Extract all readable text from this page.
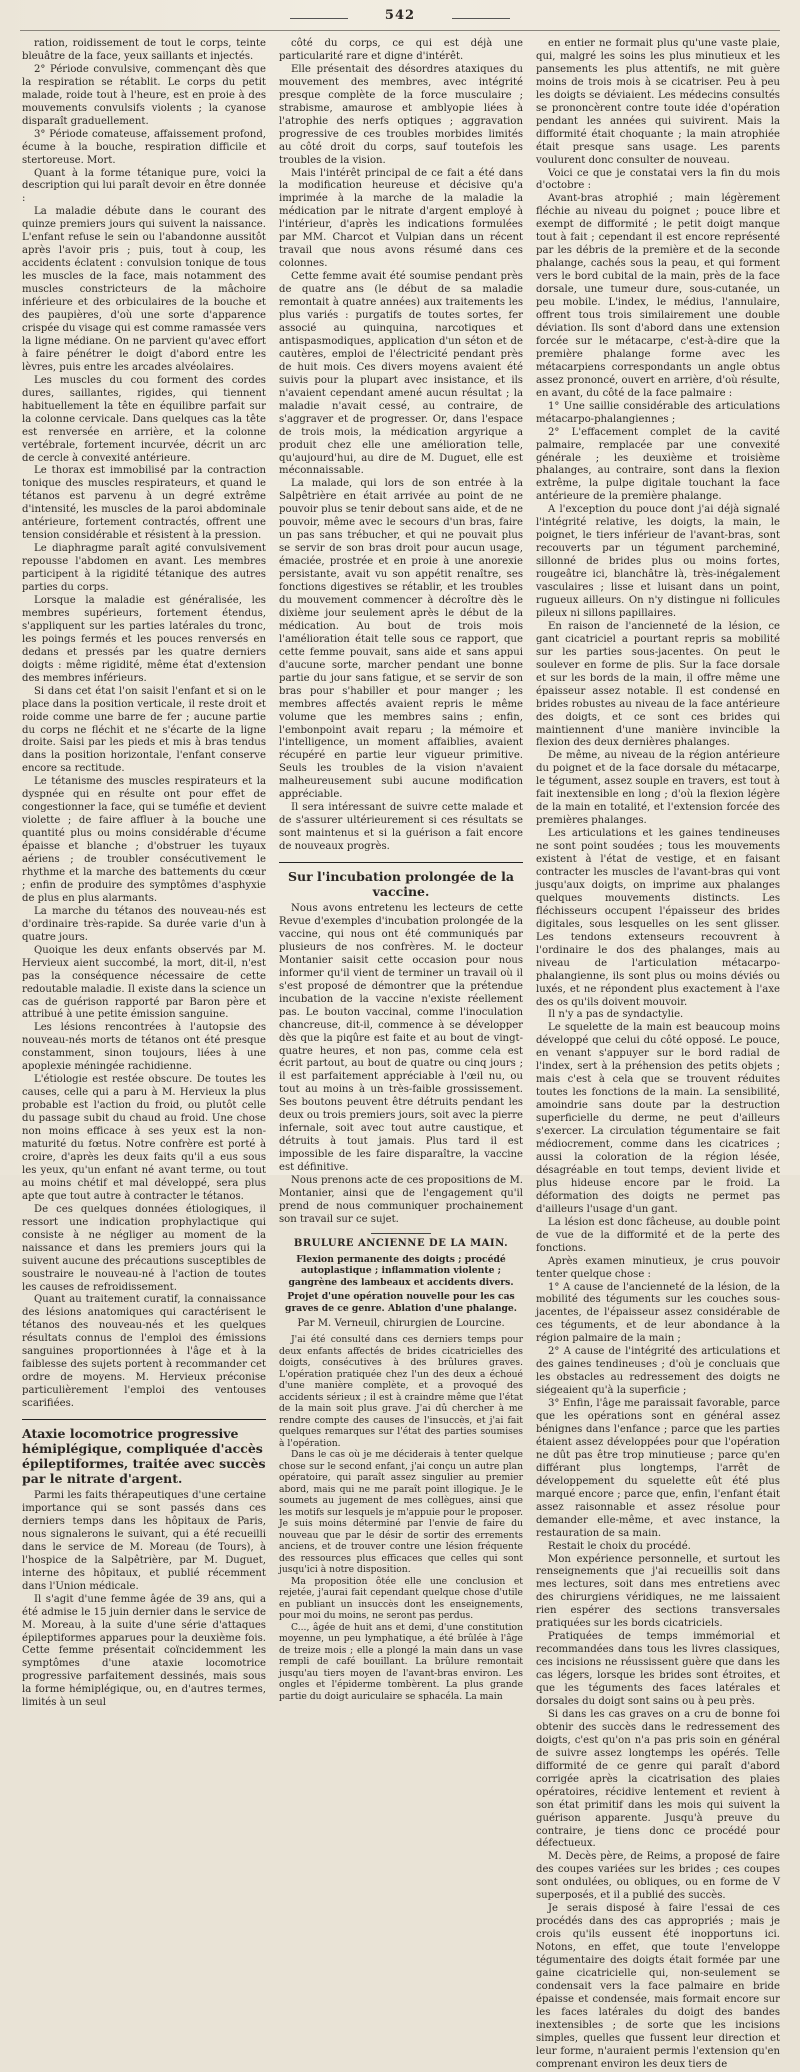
542

ration, roidissement de tout le corps, teinte bleuâtre de la face, yeux saillants et injectés.

2° Période convulsive, commençant dès que la respiration se rétablit. Le corps du petit malade, roide tout à l'heure, est en proie à des mouvements convulsifs violents ; la cyanose disparaît graduellement.

3° Période comateuse, affaissement profond, écume à la bouche, respiration difficile et stertoreuse. Mort.

Quant à la forme tétanique pure, voici la description qui lui paraît devoir en être donnée :

La maladie débute dans le courant des quinze premiers jours qui suivent la naissance. L'enfant refuse le sein ou l'abandonne aussitôt après l'avoir pris ; puis, tout à coup, les accidents éclatent : convulsion tonique de tous les muscles de la face, mais notamment des muscles constricteurs de la mâchoire inférieure et des orbiculaires de la bouche et des paupières, d'où une sorte d'apparence crispée du visage qui est comme ramassée vers la ligne médiane. On ne parvient qu'avec effort à faire pénétrer le doigt d'abord entre les lèvres, puis entre les arcades alvéolaires.

Les muscles du cou forment des cordes dures, saillantes, rigides, qui tiennent habituellement la tête en équilibre parfait sur la colonne cervicale. Dans quelques cas la tête est renversée en arrière, et la colonne vertébrale, fortement incurvée, décrit un arc de cercle à convexité antérieure.

Le thorax est immobilisé par la contraction tonique des muscles respirateurs, et quand le tétanos est parvenu à un degré extrême d'intensité, les muscles de la paroi abdominale antérieure, fortement contractés, offrent une tension considérable et résistent à la pression.

Le diaphragme paraît agité convulsivement repousse l'abdomen en avant. Les membres participent à la rigidité tétanique des autres parties du corps.

Lorsque la maladie est généralisée, les membres supérieurs, fortement étendus, s'appliquent sur les parties latérales du tronc, les poings fermés et les pouces renversés en dedans et pressés par les quatre derniers doigts : même rigidité, même état d'extension des membres inférieurs.

Si dans cet état l'on saisit l'enfant et si on le place dans la position verticale, il reste droit et roide comme une barre de fer ; aucune partie du corps ne fléchit et ne s'écarte de la ligne droite. Saisi par les pieds et mis à bras tendus dans la position horizontale, l'enfant conserve encore sa rectitude.

Le tétanisme des muscles respirateurs et la dyspnée qui en résulte ont pour effet de congestionner la face, qui se tuméfie et devient violette ; de faire affluer à la bouche une quantité plus ou moins considérable d'écume épaisse et blanche ; d'obstruer les tuyaux aériens ; de troubler consécutivement le rhythme et la marche des battements du cœur ; enfin de produire des symptômes d'asphyxie de plus en plus alarmants.

La marche du tétanos des nouveau-nés est d'ordinaire très-rapide. Sa durée varie d'un à quatre jours.

Quoique les deux enfants observés par M. Hervieux aient succombé, la mort, dit-il, n'est pas la conséquence nécessaire de cette redoutable maladie. Il existe dans la science un cas de guérison rapporté par Baron père et attribué à une petite émission sanguine.

Les lésions rencontrées à l'autopsie des nouveau-nés morts de tétanos ont été presque constamment, sinon toujours, liées à une apoplexie méningée rachidienne.

L'étiologie est restée obscure. De toutes les causes, celle qui a paru à M. Hervieux la plus probable est l'action du froid, ou plutôt celle du passage subit du chaud au froid. Une chose non moins efficace à ses yeux est la non-maturité du fœtus. Notre confrère est porté à croire, d'après les deux faits qu'il a eus sous les yeux, qu'un enfant né avant terme, ou tout au moins chétif et mal développé, sera plus apte que tout autre à contracter le tétanos.

De ces quelques données étiologiques, il ressort une indication prophylactique qui consiste à ne négliger au moment de la naissance et dans les premiers jours qui la suivent aucune des précautions susceptibles de soustraire le nouveau-né à l'action de toutes les causes de refroidissement.

Quant au traitement curatif, la connaissance des lésions anatomiques qui caractérisent le tétanos des nouveau-nés et les quelques résultats connus de l'emploi des émissions sanguines proportionnées à l'âge et à la faiblesse des sujets portent à recommander cet ordre de moyens. M. Hervieux préconise particulièrement l'emploi des ventouses scarifiées.

Ataxie locomotrice progressive hémiplégique, compliquée d'accès épileptiformes, traitée avec succès par le nitrate d'argent.

Parmi les faits thérapeutiques d'une certaine importance qui se sont passés dans ces derniers temps dans les hôpitaux de Paris, nous signalerons le suivant, qui a été recueilli dans le service de M. Moreau (de Tours), à l'hospice de la Salpêtrière, par M. Duguet, interne des hôpitaux, et publié récemment dans l'Union médicale.

Il s'agit d'une femme âgée de 39 ans, qui a été admise le 15 juin dernier dans le service de M. Moreau, à la suite d'une série d'attaques épileptiformes apparues pour la deuxième fois. Cette femme présentait coïncidemment les symptômes d'une ataxie locomotrice progressive parfaitement dessinés, mais sous la forme hémiplégique, ou, en d'autres termes, limités à un seul

côté du corps, ce qui est déjà une particularité rare et digne d'intérêt.

Elle présentait des désordres ataxiques du mouvement des membres, avec intégrité presque complète de la force musculaire ; strabisme, amaurose et amblyopie liées à l'atrophie des nerfs optiques ; aggravation progressive de ces troubles morbides limités au côté droit du corps, sauf toutefois les troubles de la vision.

Mais l'intérêt principal de ce fait a été dans la modification heureuse et décisive qu'a imprimée à la marche de la maladie la médication par le nitrate d'argent employé à l'intérieur, d'après les indications formulées par MM. Charcot et Vulpian dans un récent travail que nous avons résumé dans ces colonnes.

Cette femme avait été soumise pendant près de quatre ans (le début de sa maladie remontait à quatre années) aux traitements les plus variés : purgatifs de toutes sortes, fer associé au quinquina, narcotiques et antispasmodiques, application d'un séton et de cautères, emploi de l'électricité pendant près de huit mois. Ces divers moyens avaient été suivis pour la plupart avec insistance, et ils n'avaient cependant amené aucun résultat ; la maladie n'avait cessé, au contraire, de s'aggraver et de progresser. Or, dans l'espace de trois mois, la médication argyrique a produit chez elle une amélioration telle, qu'aujourd'hui, au dire de M. Duguet, elle est méconnaissable.

La malade, qui lors de son entrée à la Salpêtrière en était arrivée au point de ne pouvoir plus se tenir debout sans aide, et de ne pouvoir, même avec le secours d'un bras, faire un pas sans trébucher, et qui ne pouvait plus se servir de son bras droit pour aucun usage, émaciée, prostrée et en proie à une anorexie persistante, avait vu son appétit renaître, ses fonctions digestives se rétablir, et les troubles du mouvement commencer à décroître dès le dixième jour seulement après le début de la médication. Au bout de trois mois l'amélioration était telle sous ce rapport, que cette femme pouvait, sans aide et sans appui d'aucune sorte, marcher pendant une bonne partie du jour sans fatigue, et se servir de son bras pour s'habiller et pour manger ; les membres affectés avaient repris le même volume que les membres sains ; enfin, l'embonpoint avait reparu ; la mémoire et l'intelligence, un moment affaiblies, avaient récupéré en partie leur vigueur primitive. Seuls les troubles de la vision n'avaient malheureusement subi aucune modification appréciable.

Il sera intéressant de suivre cette malade et de s'assurer ultérieurement si ces résultats se sont maintenus et si la guérison a fait encore de nouveaux progrès.

Sur l'incubation prolongée de la vaccine.

Nous avons entretenu les lecteurs de cette Revue d'exemples d'incubation prolongée de la vaccine, qui nous ont été communiqués par plusieurs de nos confrères. M. le docteur Montanier saisit cette occasion pour nous informer qu'il vient de terminer un travail où il s'est proposé de démontrer que la prétendue incubation de la vaccine n'existe réellement pas. Le bouton vaccinal, comme l'inoculation chancreuse, dit-il, commence à se développer dès que la piqûre est faite et au bout de vingt-quatre heures, et non pas, comme cela est écrit partout, au bout de quatre ou cinq jours ; il est parfaitement appréciable à l'œil nu, ou tout au moins à un très-faible grossissement. Ses boutons peuvent être détruits pendant les deux ou trois premiers jours, soit avec la pierre infernale, soit avec tout autre caustique, et détruits à tout jamais. Plus tard il est impossible de les faire disparaître, la vaccine est définitive.

Nous prenons acte de ces propositions de M. Montanier, ainsi que de l'engagement qu'il prend de nous communiquer prochainement son travail sur ce sujet.

BRULURE ANCIENNE DE LA MAIN.
Flexion permanente des doigts ; procédé autoplastique ; inflammation violente ; gangrène des lambeaux et accidents divers.
Projet d'une opération nouvelle pour les cas graves de ce genre. Ablation d'une phalange.
Par M. Verneuil, chirurgien de Lourcine.

J'ai été consulté dans ces derniers temps pour deux enfants affectés de brides cicatricielles des doigts, consécutives à des brûlures graves. L'opération pratiquée chez l'un des deux a échoué d'une manière complète, et a provoqué des accidents sérieux ; il est à craindre même que l'état de la main soit plus grave. J'ai dû chercher à me rendre compte des causes de l'insuccès, et j'ai fait quelques remarques sur l'état des parties soumises à l'opération.

Dans le cas où je me déciderais à tenter quelque chose sur le second enfant, j'ai conçu un autre plan opératoire, qui paraît assez singulier au premier abord, mais qui ne me paraît point illogique. Je le soumets au jugement de mes collègues, ainsi que les motifs sur lesquels je m'appuie pour le proposer. Je suis moins déterminé par l'envie de faire du nouveau que par le désir de sortir des errements anciens, et de trouver contre une lésion fréquente des ressources plus efficaces que celles qui sont jusqu'ici à notre disposition.

Ma proposition ôtée elle une conclusion et rejetée, j'aurai fait cependant quelque chose d'utile en publiant un insuccès dont les enseignements, pour moi du moins, ne seront pas perdus.

C..., âgée de huit ans et demi, d'une constitution moyenne, un peu lymphatique, a été brûlée à l'âge de treize mois ; elle a plongé la main dans un vase rempli de café bouillant. La brûlure remontait jusqu'au tiers moyen de l'avant-bras environ. Les ongles et l'épiderme tombèrent. La plus grande partie du doigt auriculaire se sphacéla. La main

en entier ne formait plus qu'une vaste plaie, qui, malgré les soins les plus minutieux et les pansements les plus attentifs, ne mit guère moins de trois mois à se cicatriser. Peu à peu les doigts se déviaient. Les médecins consultés se prononcèrent contre toute idée d'opération pendant les années qui suivirent. Mais la difformité était choquante ; la main atrophiée était presque sans usage. Les parents voulurent donc consulter de nouveau.

Voici ce que je constatai vers la fin du mois d'octobre :

Avant-bras atrophié ; main légèrement fléchie au niveau du poignet ; pouce libre et exempt de difformité ; le petit doigt manque tout à fait ; cependant il est encore représenté par les débris de la première et de la seconde phalange, cachés sous la peau, et qui forment vers le bord cubital de la main, près de la face dorsale, une tumeur dure, sous-cutanée, un peu mobile. L'index, le médius, l'annulaire, offrent tous trois similairement une double déviation. Ils sont d'abord dans une extension forcée sur le métacarpe, c'est-à-dire que la première phalange forme avec les métacarpiens correspondants un angle obtus assez prononcé, ouvert en arrière, d'où résulte, en avant, du côté de la face palmaire :

1° Une saillie considérable des articulations métacarpo-phalangiennes ;

2° L'effacement complet de la cavité palmaire, remplacée par une convexité générale ; les deuxième et troisième phalanges, au contraire, sont dans la flexion extrême, la pulpe digitale touchant la face antérieure de la première phalange.

A l'exception du pouce dont j'ai déjà signalé l'intégrité relative, les doigts, la main, le poignet, le tiers inférieur de l'avant-bras, sont recouverts par un tégument parcheminé, sillonné de brides plus ou moins fortes, rougeâtre ici, blanchâtre là, très-inégalement vasculaires ; lisse et luisant dans un point, rugueux ailleurs. On n'y distingue ni follicules pileux ni sillons papillaires.

En raison de l'ancienneté de la lésion, ce gant cicatriciel a pourtant repris sa mobilité sur les parties sous-jacentes. On peut le soulever en forme de plis. Sur la face dorsale et sur les bords de la main, il offre même une épaisseur assez notable. Il est condensé en brides robustes au niveau de la face antérieure des doigts, et ce sont ces brides qui maintiennent d'une manière invincible la flexion des deux dernières phalanges.

De même, au niveau de la région antérieure du poignet et de la face dorsale du métacarpe, le tégument, assez souple en travers, est tout à fait inextensible en long ; d'où la flexion légère de la main en totalité, et l'extension forcée des premières phalanges.

Les articulations et les gaines tendineuses ne sont point soudées ; tous les mouvements existent à l'état de vestige, et en faisant contracter les muscles de l'avant-bras qui vont jusqu'aux doigts, on imprime aux phalanges quelques mouvements distincts. Les fléchisseurs occupent l'épaisseur des brides digitales, sous lesquelles on les sent glisser. Les tendons extenseurs recouvrent à l'ordinaire le dos des phalanges, mais au niveau de l'articulation métacarpo-phalangienne, ils sont plus ou moins déviés ou luxés, et ne répondent plus exactement à l'axe des os qu'ils doivent mouvoir.

Il n'y a pas de syndactylie.

Le squelette de la main est beaucoup moins développé que celui du côté opposé. Le pouce, en venant s'appuyer sur le bord radial de l'index, sert à la préhension des petits objets ; mais c'est à cela que se trouvent réduites toutes les fonctions de la main. La sensibilité, amoindrie sans doute par la destruction superficielle du derme, ne peut d'ailleurs s'exercer. La circulation tégumentaire se fait médiocrement, comme dans les cicatrices ; aussi la coloration de la région lésée, désagréable en tout temps, devient livide et plus hideuse encore par le froid. La déformation des doigts ne permet pas d'ailleurs l'usage d'un gant.

La lésion est donc fâcheuse, au double point de vue de la difformité et de la perte des fonctions.

Après examen minutieux, je crus pouvoir tenter quelque chose :

1° A cause de l'ancienneté de la lésion, de la mobilité des téguments sur les couches sous-jacentes, de l'épaisseur assez considérable de ces téguments, et de leur abondance à la région palmaire de la main ;

2° A cause de l'intégrité des articulations et des gaines tendineuses ; d'où je concluais que les obstacles au redressement des doigts ne siégeaient qu'à la superficie ;

3° Enfin, l'âge me paraissait favorable, parce que les opérations sont en général assez bénignes dans l'enfance ; parce que les parties étaient assez développées pour que l'opération ne dût pas être trop minutieuse ; parce qu'en différant plus longtemps, l'arrêt de développement du squelette eût été plus marqué encore ; parce que, enfin, l'enfant était assez raisonnable et assez résolue pour demander elle-même, et avec instance, la restauration de sa main.

Restait le choix du procédé.

Mon expérience personnelle, et surtout les renseignements que j'ai recueillis soit dans mes lectures, soit dans mes entretiens avec des chirurgiens véridiques, ne me laissaient rien espérer des sections transversales pratiquées sur les bords cicatriciels.

Pratiquées de temps immémorial et recommandées dans tous les livres classiques, ces incisions ne réussissent guère que dans les cas légers, lorsque les brides sont étroites, et que les téguments des faces latérales et dorsales du doigt sont sains ou à peu près.

Si dans les cas graves on a cru de bonne foi obtenir des succès dans le redressement des doigts, c'est qu'on n'a pas pris soin en général de suivre assez longtemps les opérés. Telle difformité de ce genre qui paraît d'abord corrigée après la cicatrisation des plaies opératoires, récidive lentement et revient à son état primitif dans les mois qui suivent la guérison apparente. Jusqu'à preuve du contraire, je tiens donc ce procédé pour défectueux.

M. Decès père, de Reims, a proposé de faire des coupes variées sur les brides ; ces coupes sont ondulées, ou obliques, ou en forme de V superposés, et il a publié des succès.

Je serais disposé à faire l'essai de ces procédés dans des cas appropriés ; mais je crois qu'ils eussent été inopportuns ici. Notons, en effet, que toute l'enveloppe tégumentaire des doigts était formée par une gaine cicatricielle qui, non-seulement se condensait vers la face palmaire en bride épaisse et condensée, mais formait encore sur les faces latérales du doigt des bandes inextensibles ; de sorte que les incisions simples, quelles que fussent leur direction et leur forme, n'auraient permis l'extension qu'en comprenant environ les deux tiers de
